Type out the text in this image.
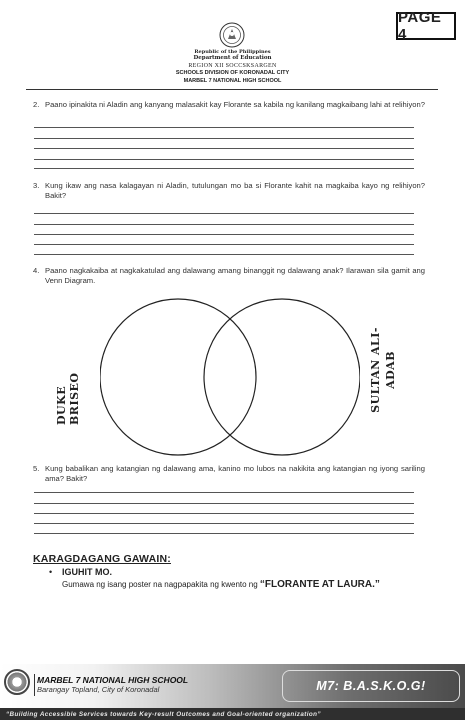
PAGE 4
Republic of the Philippines
Department of Education
REGION XII SOCCSKSARGEN
SCHOOLS DIVISION OF KORONADAL CITY
MARBEL 7 NATIONAL HIGH SCHOOL
2. Paano ipinakita ni Aladin ang kanyang malasakit kay Florante sa kabila ng kanilang magkaibang lahi at relihiyon?
3. Kung ikaw ang nasa kalagayan ni Aladin, tutulungan mo ba si Florante kahit na magkaiba kayo ng relihiyon? Bakit?
4. Paano nagkakaiba at nagkakatulad ang dalawang amang binanggit ng dalawang anak? Ilarawan sila gamit ang Venn Diagram.
DUKE BRISEO	SULTAN ALI- ADAB
5. Kung babalikan ang katangian ng dalawang ama, kanino mo lubos na nakikita ang katangian ng iyong sariling ama? Bakit?
KARAGDAGANG GAWAIN:
• IGUHIT MO.
Gumawa ng isang poster na nagpapakita ng kwento ng “FLORANTE AT LAURA.”
MARBEL 7 NATIONAL HIGH SCHOOL
Barangay Topland, City of Koronadal	M7: B.A.S.K.O.G!
“Building Accessible Services towards Key-result Outcomes and Goal-oriented organization”
